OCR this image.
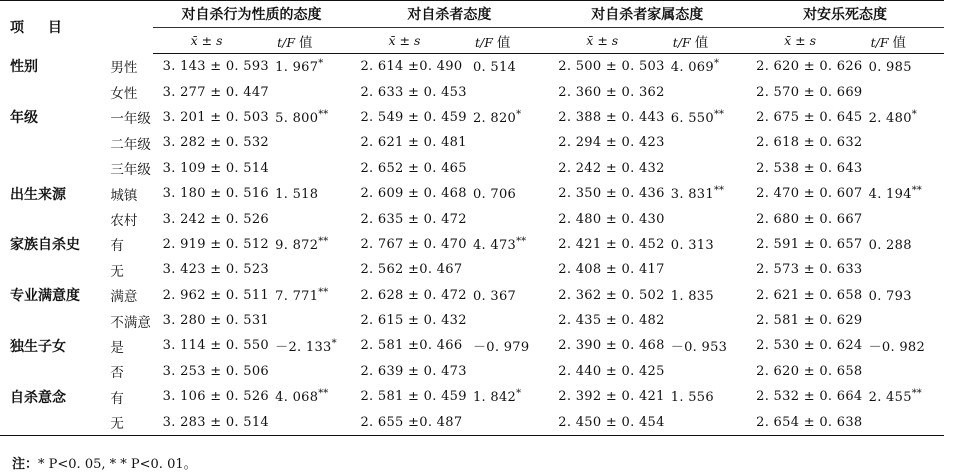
项 目		对自杀行为性质的态度		对自杀者态度		对自杀者家属态度		对安乐死态度	
		x̄ ± s	t/F 值	x̄ ± s	t/F 值	x̄ ± s	t/F 值	x̄ ± s	t/F 值
性别	男性	3. 143 ± 0. 593	1. 967*	2. 614 ±0. 490	0. 514	2. 500 ± 0. 503	4. 069*	2. 620 ± 0. 626	0. 985
	女性	3. 277 ± 0. 447		2. 633 ± 0. 453		2. 360 ± 0. 362		2. 570 ± 0. 669	
年级	一年级	3. 201 ± 0. 503	5. 800**	2. 549 ± 0. 459	2. 820*	2. 388 ± 0. 443	6. 550**	2. 675 ± 0. 645	2. 480*
	二年级	3. 282 ± 0. 532		2. 621 ± 0. 481		2. 294 ± 0. 423		2. 618 ± 0. 632	
	三年级	3. 109 ± 0. 514		2. 652 ± 0. 465		2. 242 ± 0. 432		2. 538 ± 0. 643	
出生来源	城镇	3. 180 ± 0. 516	1. 518	2. 609 ± 0. 468	0. 706	2. 350 ± 0. 436	3. 831**	2. 470 ± 0. 607	4. 194**
	农村	3. 242 ± 0. 526		2. 635 ± 0. 472		2. 480 ± 0. 430		2. 680 ± 0. 667	
家族自杀史	有	2. 919 ± 0. 512	9. 872**	2. 767 ± 0. 470	4. 473**	2. 421 ± 0. 452	0. 313	2. 591 ± 0. 657	0. 288
	无	3. 423 ± 0. 523		2. 562 ±0. 467		2. 408 ± 0. 417		2. 573 ± 0. 633	
专业满意度	满意	2. 962 ± 0. 511	7. 771**	2. 628 ± 0. 472	0. 367	2. 362 ± 0. 502	1. 835	2. 621 ± 0. 658	0. 793
	不满意	3. 280 ± 0. 531		2. 615 ± 0. 432		2. 435 ± 0. 482		2. 581 ± 0. 629	
独生子女	是	3. 114 ± 0. 550	－2. 133*	2. 581 ±0. 466	－0. 979	2. 390 ± 0. 468	－0. 953	2. 530 ± 0. 624	－0. 982
	否	3. 253 ± 0. 506		2. 639 ± 0. 473		2. 440 ± 0. 425		2. 620 ± 0. 658	
自杀意念	有	3. 106 ± 0. 526	4. 068**	2. 581 ± 0. 459	1. 842*	2. 392 ± 0. 421	1. 556	2. 532 ± 0. 664	2. 455**
	无	3. 283 ± 0. 514		2. 655 ±0. 487		2. 450 ± 0. 454		2. 654 ± 0. 638	
注：* P<0. 05, * * P<0. 01。
